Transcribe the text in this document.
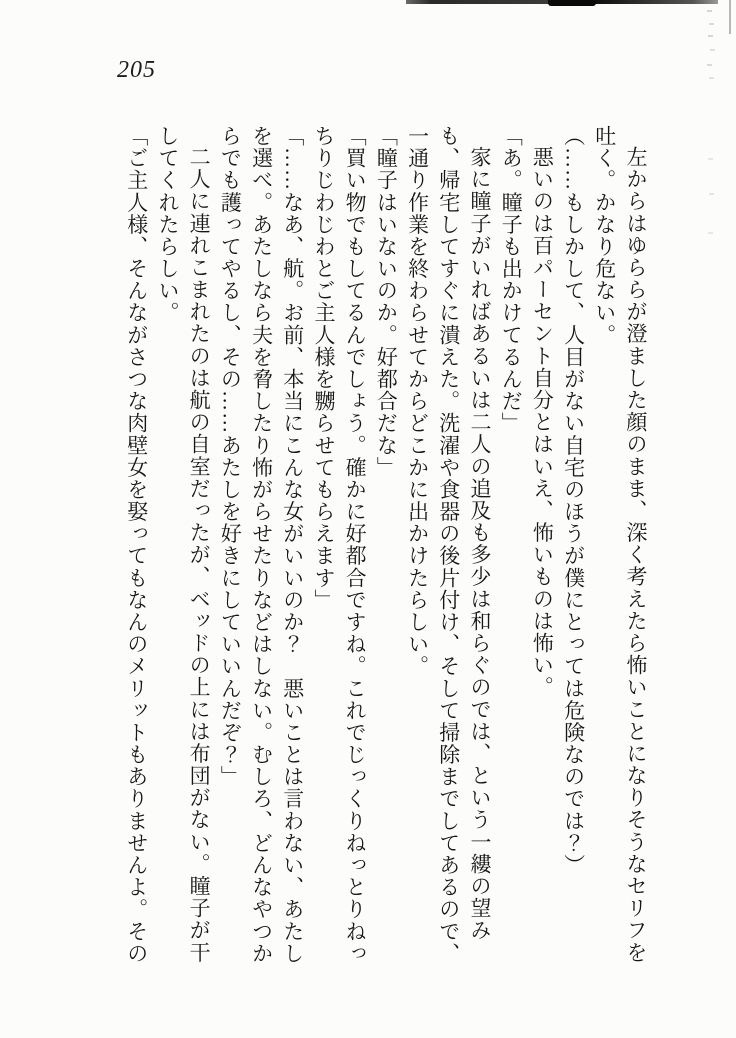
205

左からはゆららが澄ました顔のまま、深く考えたら怖いことになりそうなセリフを吐く。かなり危ない。

（……もしかして、人目がない自宅のほうが僕にとっては危険なのでは？）

悪いのは百パーセント自分とはいえ、怖いものは怖い。

「あ。瞳子も出かけてるんだ」

家に瞳子がいればあるいは二人の追及も多少は和らぐのでは、という一縷の望みも、帰宅してすぐに潰えた。洗濯や食器の後片付け、そして掃除までしてあるので、一通り作業を終わらせてからどこかに出かけたらしい。

「瞳子はいないのか。好都合だな」

「買い物でもしてるんでしょう。確かに好都合ですね。これでじっくりねっとりねっちりじわじわとご主人様を嬲らせてもらえます」

「……なあ、航。お前、本当にこんな女がいいのか？　悪いことは言わない、あたしを選べ。あたしなら夫を脅したり怖がらせたりなどはしない。むしろ、どんなやつからでも護ってやるし、その……あたしを好きにしていいんだぞ？」

二人に連れこまれたのは航の自室だったが、ベッドの上には布団がない。瞳子が干してくれたらしい。

「ご主人様、そんながさつな肉壁女を娶ってもなんのメリットもありませんよ。その
